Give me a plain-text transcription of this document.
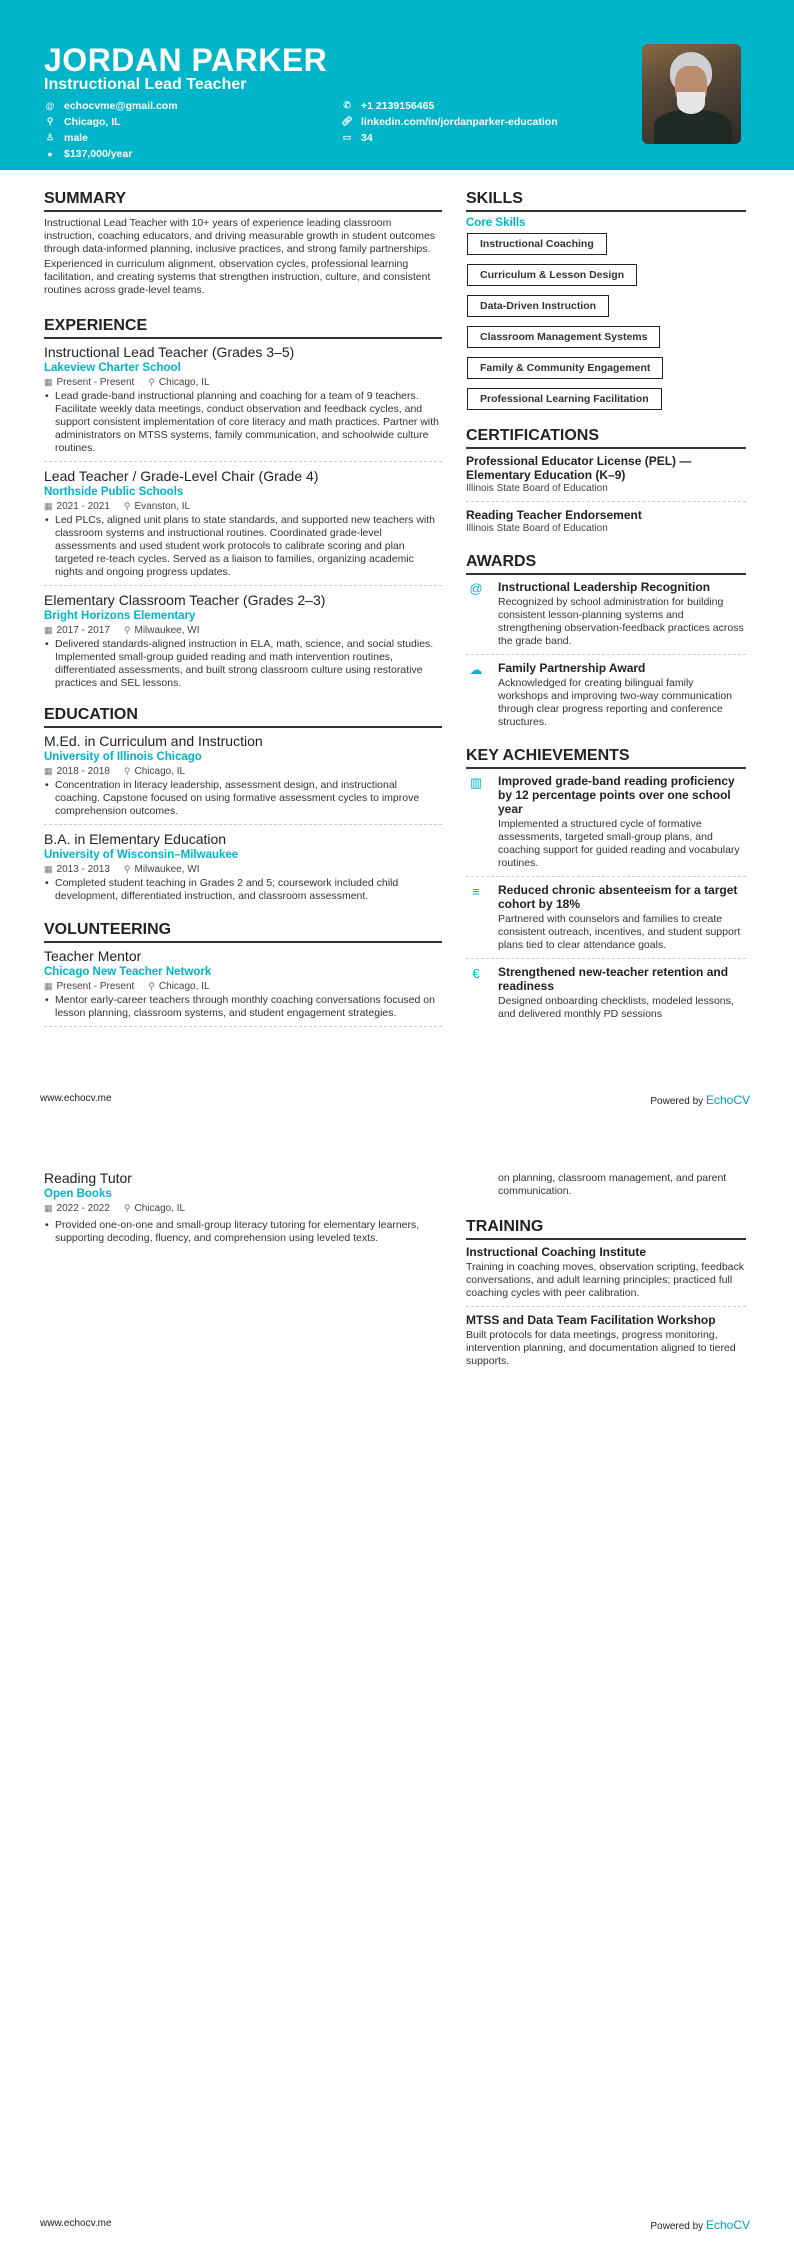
JORDAN PARKER
Instructional Lead Teacher
@ echocvme@gmail.com	✆ +1 2139156465
⚲ Chicago, IL	🔗︎ linkedin.com/in/jordanparker-education
♙ male	▭ 34
●	$137,000/year
SUMMARY

Instructional Lead Teacher with 10+ years of experience leading classroom instruction, coaching educators, and driving measurable growth in student outcomes through data-informed planning, inclusive practices, and strong family partnerships.

Experienced in curriculum alignment, observation cycles, professional learning facilitation, and creating systems that strengthen instruction, culture, and consistent routines across grade-level teams.

EXPERIENCE
Instructional Lead Teacher (Grades 3–5)
Lakeview Charter School
▦ Present - Present ⚲ Chicago, IL
• Lead grade-band instructional planning and coaching for a team of 9 teachers. Facilitate weekly data meetings, conduct observation and feedback cycles, and support consistent implementation of core literacy and math practices. Partner with administrators on MTSS systems, family communication, and schoolwide culture routines.
Lead Teacher / Grade-Level Chair (Grade 4)
Northside Public Schools
▦ 2021 - 2021 ⚲ Evanston, IL
• Led PLCs, aligned unit plans to state standards, and supported new teachers with classroom systems and instructional routines. Coordinated grade-level assessments and used student work protocols to calibrate scoring and plan targeted re-teach cycles. Served as a liaison to families, organizing academic nights and ongoing progress updates.
Elementary Classroom Teacher (Grades 2–3)
Bright Horizons Elementary
▦ 2017 - 2017 ⚲ Milwaukee, WI
• Delivered standards-aligned instruction in ELA, math, science, and social studies. Implemented small-group guided reading and math intervention routines, differentiated assessments, and built strong classroom culture using restorative practices and SEL lessons.
EDUCATION
M.Ed. in Curriculum and Instruction
University of Illinois Chicago
▦ 2018 - 2018 ⚲ Chicago, IL
• Concentration in literacy leadership, assessment design, and instructional coaching. Capstone focused on using formative assessment cycles to improve comprehension outcomes.
B.A. in Elementary Education
University of Wisconsin–Milwaukee
▦ 2013 - 2013 ⚲ Milwaukee, WI
• Completed student teaching in Grades 2 and 5; coursework included child development, differentiated instruction, and classroom assessment.
VOLUNTEERING
Teacher Mentor
Chicago New Teacher Network
▦ Present - Present ⚲ Chicago, IL
• Mentor early-career teachers through monthly coaching conversations focused on lesson planning, classroom systems, and student engagement strategies.
SKILLS
Core Skills
Instructional Coaching
Curriculum & Lesson Design
Data-Driven Instruction
Classroom Management Systems
Family & Community Engagement
Professional Learning Facilitation
CERTIFICATIONS
Professional Educator License (PEL) — Elementary Education (K–9)
Illinois State Board of Education
Reading Teacher Endorsement
Illinois State Board of Education
AWARDS
@ Instructional Leadership Recognition
Recognized by school administration for building consistent lesson-planning systems and strengthening observation-feedback practices across the grade band.
☁ Family Partnership Award
Acknowledged for creating bilingual family workshops and improving two-way communication through clear progress reporting and conference structures.
KEY ACHIEVEMENTS
▥	Improved grade-band reading proficiency by 12 percentage points over one school year
Implemented a structured cycle of formative assessments, targeted small-group plans, and coaching support for guided reading and vocabulary routines.
≡	Reduced chronic absenteeism for a target cohort by 18%
Partnered with counselors and families to create consistent outreach, incentives, and student support plans tied to clear attendance goals.
€	Strengthened new-teacher retention and readiness
Designed onboarding checklists, modeled lessons, and delivered monthly PD sessions
www.echocv.me	Powered by EchoCV
Reading Tutor
Open Books
▦ 2022 - 2022 ⚲ Chicago, IL
• Provided one-on-one and small-group literacy tutoring for elementary learners, supporting decoding, fluency, and comprehension using leveled texts.
on planning, classroom management, and parent communication.
TRAINING
Instructional Coaching Institute
Training in coaching moves, observation scripting, feedback conversations, and adult learning principles; practiced full coaching cycles with peer calibration.
MTSS and Data Team Facilitation Workshop
Built protocols for data meetings, progress monitoring, intervention planning, and documentation aligned to tiered supports.
www.echocv.me	Powered by EchoCV
